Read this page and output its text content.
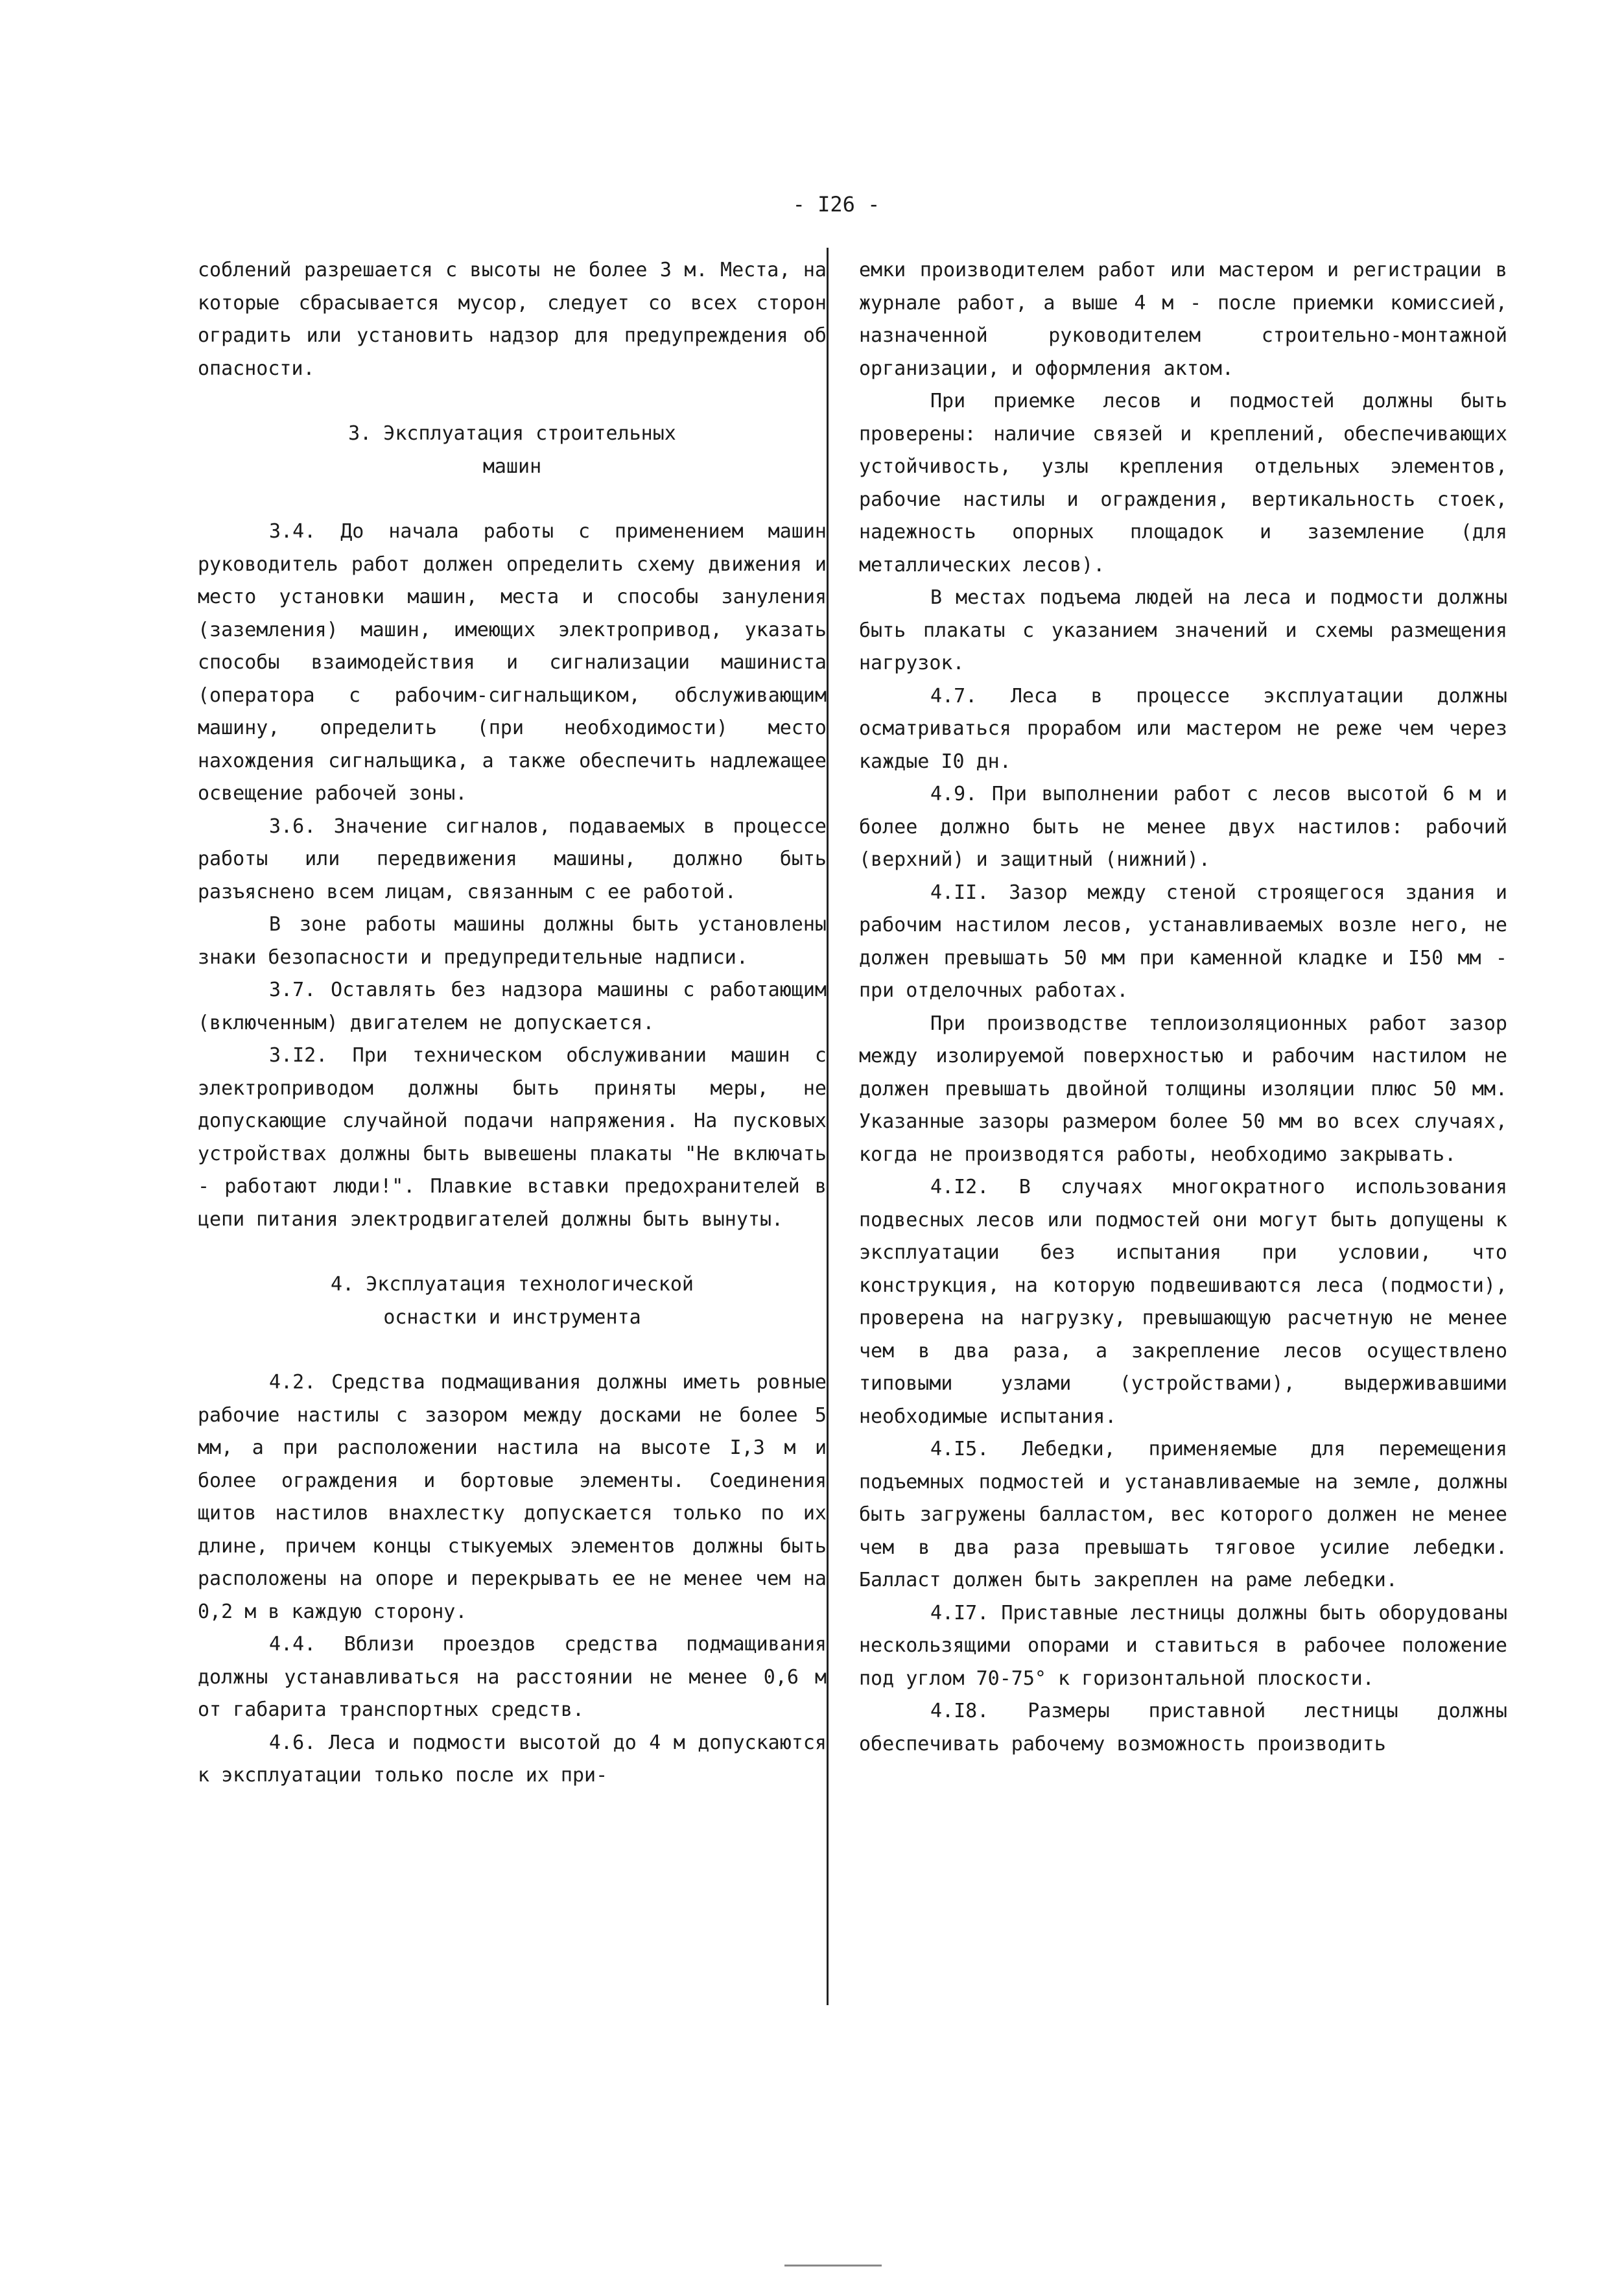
- I26 -

соблений разрешается с высоты не более 3 м. Места, на которые сбрасывается мусор, следует со всех сторон оградить или установить надзор для предупреждения об опасности.

3. Эксплуатация строительных
машин

3.4. До начала работы с применением машин руководитель работ должен определить схему движения и место установки машин, места и способы зануления (заземления) машин, имеющих электропривод, указать способы взаимодействия и сигнализации машиниста (оператора с рабочим-сигнальщиком, обслуживающим машину, определить (при необходимости) место нахождения сигнальщика, а также обеспечить надлежащее освещение рабочей зоны.

3.6. Значение сигналов, подаваемых в процессе работы или передвижения машины, должно быть разъяснено всем лицам, связанным с ее работой.

В зоне работы машины должны быть установлены знаки безопасности и предупредительные надписи.

3.7. Оставлять без надзора машины с работающим (включенным) двигателем не допускается.

3.I2. При техническом обслуживании машин с электроприводом должны быть приняты меры, не допускающие случайной подачи напряжения. На пусковых устройствах должны быть вывешены плакаты "Не включать - работают люди!". Плавкие вставки предохранителей в цепи питания электродвигателей должны быть вынуты.

4. Эксплуатация технологической
оснастки и инструмента

4.2. Средства подмащивания должны иметь ровные рабочие настилы с зазором между досками не более 5 мм, а при расположении настила на высоте I,3 м и более ограждения и бортовые элементы. Соединения щитов настилов внахлестку допускается только по их длине, причем концы стыкуемых элементов должны быть расположены на опоре и перекрывать ее не менее чем на 0,2 м в каждую сторону.

4.4. Вблизи проездов средства подмащивания должны устанавливаться на расстоянии не менее 0,6 м от габарита транспортных средств.

4.6. Леса и подмости высотой до 4 м допускаются к эксплуатации только после их при-

емки производителем работ или мастером и регистрации в журнале работ, а выше 4 м - после приемки комиссией, назначенной руководителем строительно-монтажной организации, и оформления актом.

При приемке лесов и подмостей должны быть проверены: наличие связей и креплений, обеспечивающих устойчивость, узлы крепления отдельных элементов, рабочие настилы и ограждения, вертикальность стоек, надежность опорных площадок и заземление (для металлических лесов).

В местах подъема людей на леса и подмости должны быть плакаты с указанием значений и схемы размещения нагрузок.

4.7. Леса в процессе эксплуатации должны осматриваться прорабом или мастером не реже чем через каждые I0 дн.

4.9. При выполнении работ с лесов высотой 6 м и более должно быть не менее двух настилов: рабочий (верхний) и защитный (нижний).

4.II. Зазор между стеной строящегося здания и рабочим настилом лесов, устанавливаемых возле него, не должен превышать 50 мм при каменной кладке и I50 мм - при отделочных работах.

При производстве теплоизоляционных работ зазор между изолируемой поверхностью и рабочим настилом не должен превышать двойной толщины изоляции плюс 50 мм. Указанные зазоры размером более 50 мм во всех случаях, когда не производятся работы, необходимо закрывать.

4.I2. В случаях многократного использования подвесных лесов или подмостей они могут быть допущены к эксплуатации без испытания при условии, что конструкция, на которую подвешиваются леса (подмости), проверена на нагрузку, превышающую расчетную не менее чем в два раза, а закрепление лесов осуществлено типовыми узлами (устройствами), выдерживавшими необходимые испытания.

4.I5. Лебедки, применяемые для перемещения подъемных подмостей и устанавливаемые на земле, должны быть загружены балластом, вес которого должен не менее чем в два раза превышать тяговое усилие лебедки. Балласт должен быть закреплен на раме лебедки.

4.I7. Приставные лестницы должны быть оборудованы нескользящими опорами и ставиться в рабочее положение под углом 70-75° к горизонтальной плоскости.

4.I8. Размеры приставной лестницы должны обеспечивать рабочему возможность производить
